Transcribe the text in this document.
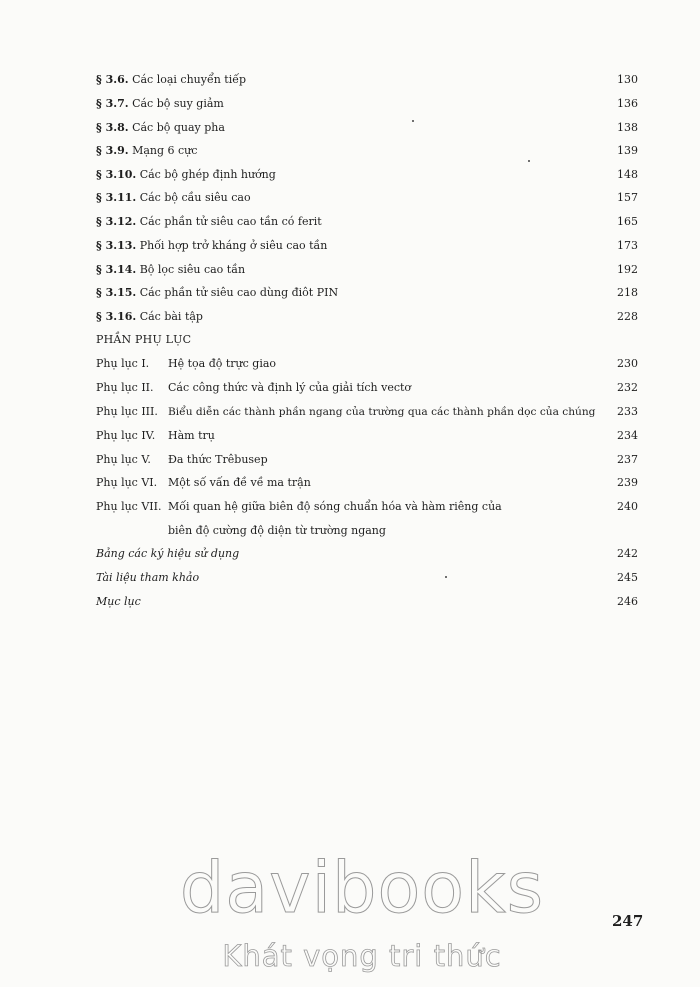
§ 3.6. Các loại chuyển tiếp	130
§ 3.7. Các bộ suy giảm	136
§ 3.8. Các bộ quay pha	138
§ 3.9. Mạng 6 cực	139
§ 3.10. Các bộ ghép định hướng	148
§ 3.11. Các bộ cầu siêu cao	157
§ 3.12. Các phần tử siêu cao tần có ferit	165
§ 3.13. Phối hợp trở kháng ở siêu cao tần	173
§ 3.14. Bộ lọc siêu cao tần	192
§ 3.15. Các phần tử siêu cao dùng điôt PIN	218
§ 3.16. Các bài tập	228
PHẦN PHỤ LỤC
Phụ lục I. Hệ tọa độ trực giao	230
Phụ lục II. Các công thức và định lý của giải tích vectơ	232
Phụ lục III. Biểu diễn các thành phần ngang của trường qua các thành phần dọc của chúng 233
Phụ lục IV. Hàm trụ	234
Phụ lục V. Đa thức Trêbusep	237
Phụ lục VI. Một số vấn đề về ma trận	239
Phụ lục VII. Mối quan hệ giữa biên độ sóng chuẩn hóa và hàm riêng của	240
biên độ cường độ diện từ trường ngang
Bảng các ký hiệu sử dụng	242
Tài liệu tham khảo	245
Mục lục	246
247
davibooks
Khát vọng tri thức
